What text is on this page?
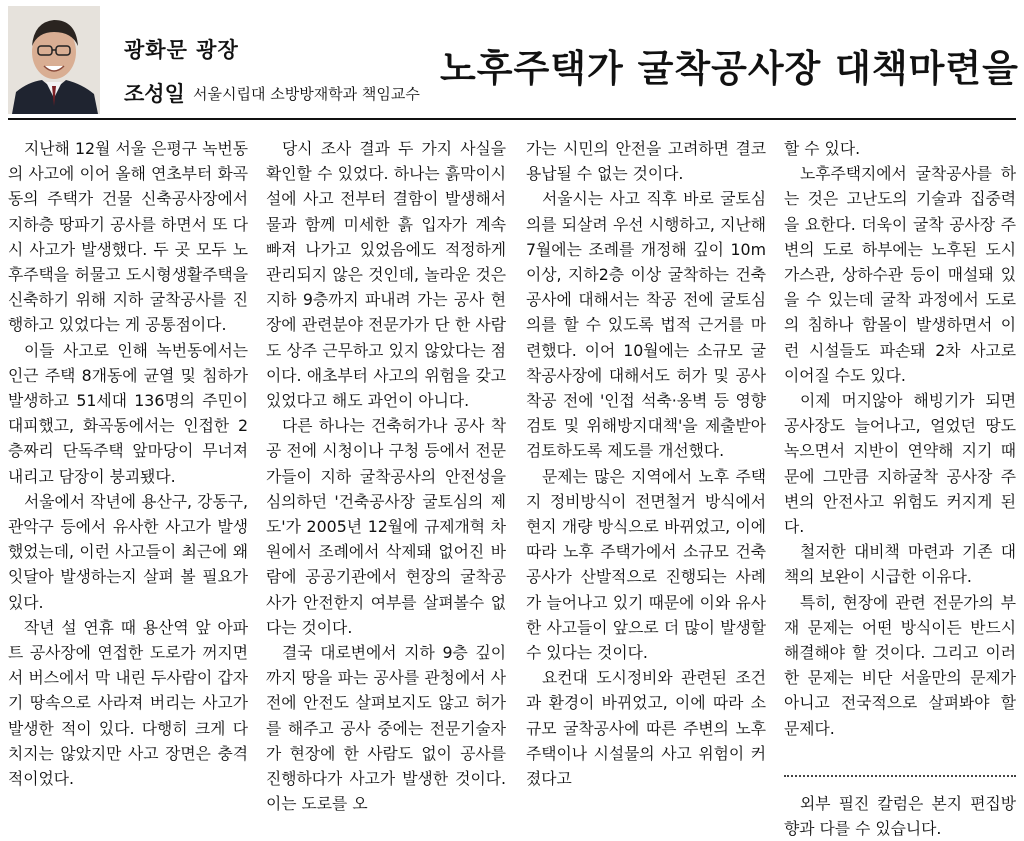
광화문 광장
조성일 서울시립대 소방방재학과 책임교수
노후주택가 굴착공사장 대책마련을

지난해 12월 서울 은평구 녹번동의 사고에 이어 올해 연초부터 화곡동의 주택가 건물 신축공사장에서 지하층 땅파기 공사를 하면서 또 다시 사고가 발생했다. 두 곳 모두 노후주택을 허물고 도시형생활주택을 신축하기 위해 지하 굴착공사를 진행하고 있었다는 게 공통점이다.

이들 사고로 인해 녹번동에서는 인근 주택 8개동에 균열 및 침하가 발생하고 51세대 136명의 주민이 대피했고, 화곡동에서는 인접한 2층짜리 단독주택 앞마당이 무너져 내리고 담장이 붕괴됐다.

서울에서 작년에 용산구, 강동구, 관악구 등에서 유사한 사고가 발생했었는데, 이런 사고들이 최근에 왜 잇달아 발생하는지 살펴 볼 필요가 있다.

작년 설 연휴 때 용산역 앞 아파트 공사장에 연접한 도로가 꺼지면서 버스에서 막 내린 두사람이 갑자기 땅속으로 사라져 버리는 사고가 발생한 적이 있다. 다행히 크게 다치지는 않았지만 사고 장면은 충격적이었다.

당시 조사 결과 두 가지 사실을 확인할 수 있었다. 하나는 흙막이시설에 사고 전부터 결함이 발생해서 물과 함께 미세한 흙 입자가 계속 빠져 나가고 있었음에도 적정하게 관리되지 않은 것인데, 놀라운 것은 지하 9층까지 파내려 가는 공사 현장에 관련분야 전문가가 단 한 사람도 상주 근무하고 있지 않았다는 점이다. 애초부터 사고의 위험을 갖고 있었다고 해도 과언이 아니다.

다른 하나는 건축허가나 공사 착공 전에 시청이나 구청 등에서 전문가들이 지하 굴착공사의 안전성을 심의하던 '건축공사장 굴토심의 제도'가 2005년 12월에 규제개혁 차원에서 조례에서 삭제돼 없어진 바람에 공공기관에서 현장의 굴착공사가 안전한지 여부를 살펴볼수 없다는 것이다.

결국 대로변에서 지하 9층 깊이까지 땅을 파는 공사를 관청에서 사전에 안전도 살펴보지도 않고 허가를 해주고 공사 중에는 전문기술자가 현장에 한 사람도 없이 공사를 진행하다가 사고가 발생한 것이다. 이는 도로를 오

가는 시민의 안전을 고려하면 결코 용납될 수 없는 것이다.

서울시는 사고 직후 바로 굴토심의를 되살려 우선 시행하고, 지난해 7월에는 조례를 개정해 깊이 10m 이상, 지하2층 이상 굴착하는 건축공사에 대해서는 착공 전에 굴토심의를 할 수 있도록 법적 근거를 마련했다. 이어 10월에는 소규모 굴착공사장에 대해서도 허가 및 공사 착공 전에 '인접 석축·옹벽 등 영향 검토 및 위해방지대책'을 제출받아 검토하도록 제도를 개선했다.

문제는 많은 지역에서 노후 주택지 정비방식이 전면철거 방식에서 현지 개량 방식으로 바뀌었고, 이에 따라 노후 주택가에서 소규모 건축공사가 산발적으로 진행되는 사례가 늘어나고 있기 때문에 이와 유사한 사고들이 앞으로 더 많이 발생할 수 있다는 것이다.

요컨대 도시정비와 관련된 조건과 환경이 바뀌었고, 이에 따라 소규모 굴착공사에 따른 주변의 노후주택이나 시설물의 사고 위험이 커졌다고

할 수 있다.

노후주택지에서 굴착공사를 하는 것은 고난도의 기술과 집중력을 요한다. 더욱이 굴착 공사장 주변의 도로 하부에는 노후된 도시가스관, 상하수관 등이 매설돼 있을 수 있는데 굴착 과정에서 도로의 침하나 함몰이 발생하면서 이런 시설들도 파손돼 2차 사고로 이어질 수도 있다.

이제 머지않아 해빙기가 되면 공사장도 늘어나고, 얼었던 땅도 녹으면서 지반이 연약해 지기 때문에 그만큼 지하굴착 공사장 주변의 안전사고 위험도 커지게 된다.

철저한 대비책 마련과 기존 대책의 보완이 시급한 이유다.

특히, 현장에 관련 전문가의 부재 문제는 어떤 방식이든 반드시 해결해야 할 것이다. 그리고 이러한 문제는 비단 서울만의 문제가 아니고 전국적으로 살펴봐야 할 문제다.

외부 필진 칼럼은 본지 편집방향과 다를 수 있습니다.
